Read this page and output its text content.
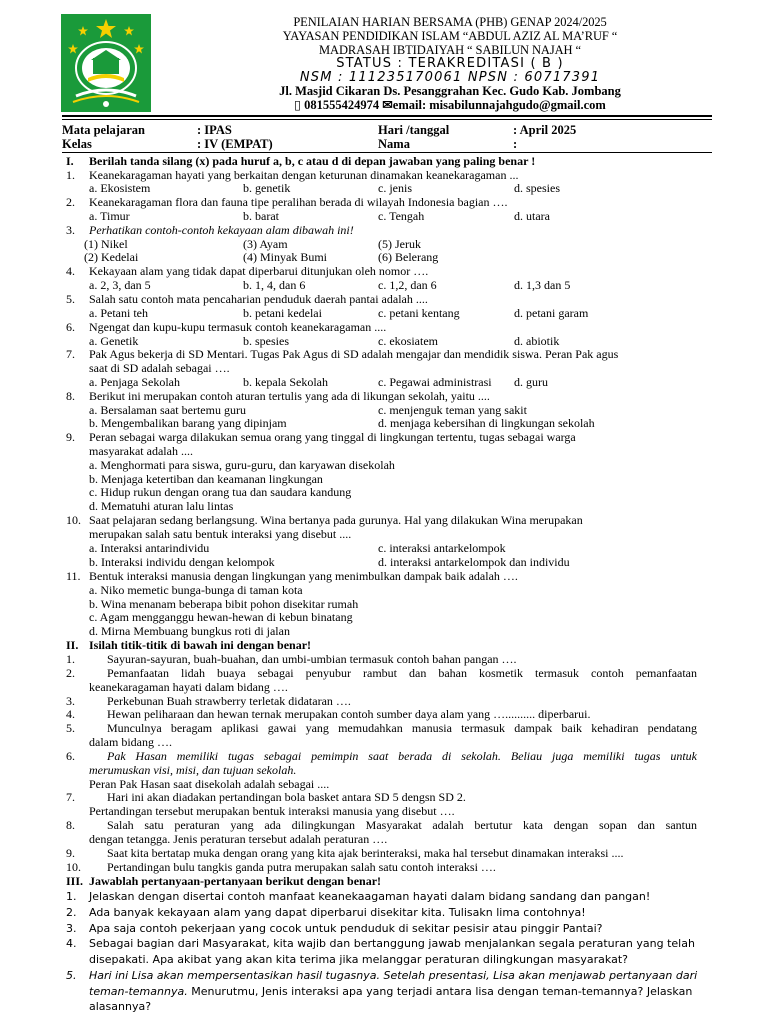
PENILAIAN HARIAN BERSAMA (PHB) GENAP 2024/2025
YAYASAN PENDIDIKAN ISLAM “ABDUL AZIZ AL MA’RUF “
MADRASAH IBTIDAIYAH “ SABILUN NAJAH “
STATUS : TERAKREDITASI ( B )
NSM : 111235170061 NPSN : 60717391
Jl. Masjid Cikaran Ds. Pesanggrahan Kec. Gudo Kab. Jombang
▯ 081555424974 ✉email: misabilunnajahgudo@gmail.com
Mata pelajaran	: IPAS	Hari /tanggal	: April 2025
Kelas	: IV (EMPAT)	Nama	:
I. Berilah tanda silang (x) pada huruf a, b, c atau d di depan jawaban yang paling benar !
1. Keanekaragaman hayati yang berkaitan dengan keturunan dinamakan keanekaragaman ...
a. Ekosistem	b. genetik	c. jenis	d. spesies
2. Keanekaragaman flora dan fauna tipe peralihan berada di wilayah Indonesia bagian ….
a. Timur	b. barat	c. Tengah	d. utara
3. Perhatikan contoh-contoh kekayaan alam dibawah ini!
(1) Nikel	(3) Ayam	(5) Jeruk
(2) Kedelai	(4) Minyak Bumi	(6) Belerang
4. Kekayaan alam yang tidak dapat diperbarui ditunjukan oleh nomor ….
a. 2, 3, dan 5	b. 1, 4, dan 6	c. 1,2, dan 6	d. 1,3 dan 5
5. Salah satu contoh mata pencaharian penduduk daerah pantai adalah ....
a. Petani teh	b. petani kedelai	c. petani kentang	d. petani garam
6. Ngengat dan kupu-kupu termasuk contoh keanekaragaman ....
a. Genetik	b. spesies	c. ekosiatem	d. abiotik
7. Pak Agus bekerja di SD Mentari. Tugas Pak Agus di SD adalah mengajar dan mendidik siswa. Peran Pak agus
saat di SD adalah sebagai ….
a. Penjaga Sekolah	b. kepala Sekolah	c. Pegawai administrasi d. guru
8. Berikut ini merupakan contoh aturan tertulis yang ada di likungan sekolah, yaitu ....
a. Bersalaman saat bertemu guru	c. menjenguk teman yang sakit
b. Mengembalikan barang yang dipinjam	d. menjaga kebersihan di lingkungan sekolah
9. Peran sebagai warga dilakukan semua orang yang tinggal di lingkungan tertentu, tugas sebagai warga
masyarakat adalah ....
a. Menghormati para siswa, guru-guru, dan karyawan disekolah
b. Menjaga ketertiban dan keamanan lingkungan
c. Hidup rukun dengan orang tua dan saudara kandung
d. Mematuhi aturan lalu lintas
10. Saat pelajaran sedang berlangsung. Wina bertanya pada gurunya. Hal yang dilakukan Wina merupakan
merupakan salah satu bentuk interaksi yang disebut ....
a. Interaksi antarindividu	c. interaksi antarkelompok
b. Interaksi individu dengan kelompok	d. interaksi antarkelompok dan individu
11. Bentuk interaksi manusia dengan lingkungan yang menimbulkan dampak baik adalah ….
a. Niko memetic bunga-bunga di taman kota
b. Wina menanam beberapa bibit pohon disekitar rumah
c. Agam mengganggu hewan-hewan di kebun binatang
d. Mirna Membuang bungkus roti di jalan
II. Isilah titik-titik di bawah ini dengan benar!
1.	Sayuran-sayuran, buah-buahan, dan umbi-umbian termasuk contoh bahan pangan ….
2.	Pemanfaatan lidah buaya sebagai penyubur rambut dan bahan kosmetik termasuk contoh pemanfaatan
keanekaragaman hayati dalam bidang ….
3.	Perkebunan Buah strawberry terletak didataran ….
4.	Hewan peliharaan dan hewan ternak merupakan contoh sumber daya alam yang ….......... diperbarui.
5.	Munculnya beragam aplikasi gawai yang memudahkan manusia termasuk dampak baik kehadiran pendatang
dalam bidang ….
6.	Pak Hasan memiliki tugas sebagai pemimpin saat berada di sekolah. Beliau juga memiliki tugas untuk
merumuskan visi, misi, dan tujuan sekolah.
Peran Pak Hasan saat disekolah adalah sebagai ....
7.	Hari ini akan diadakan pertandingan bola basket antara SD 5 dengsn SD 2.
Pertandingan tersebut merupakan bentuk interaksi manusia yang disebut ….
8.	Salah satu peraturan yang ada dilingkungan Masyarakat adalah bertutur kata dengan sopan dan santun
dengan tetangga. Jenis peraturan tersebut adalah peraturan ….
9.	Saat kita bertatap muka dengan orang yang kita ajak berinteraksi, maka hal tersebut dinamakan interaksi ....
10. Pertandingan bulu tangkis ganda putra merupakan salah satu contoh interaksi ….
III. Jawablah pertanyaan-pertanyaan berikut dengan benar!
1. Jelaskan dengan disertai contoh manfaat keanekaagaman hayati dalam bidang sandang dan pangan!
2. Ada banyak kekayaan alam yang dapat diperbarui disekitar kita. Tulisakn lima contohnya!
3. Apa saja contoh pekerjaan yang cocok untuk penduduk di sekitar pesisir atau pinggir Pantai?
4. Sebagai bagian dari Masyarakat, kita wajib dan bertanggung jawab menjalankan segala peraturan yang telah
disepakati. Apa akibat yang akan kita terima jika melanggar peraturan dilingkungan masyarakat?
5. Hari ini Lisa akan mempersentasikan hasil tugasnya. Setelah presentasi, Lisa akan menjawab pertanyaan dari
teman-temannya. Menurutmu, Jenis interaksi apa yang terjadi antara lisa dengan teman-temannya? Jelaskan
alasannya?
